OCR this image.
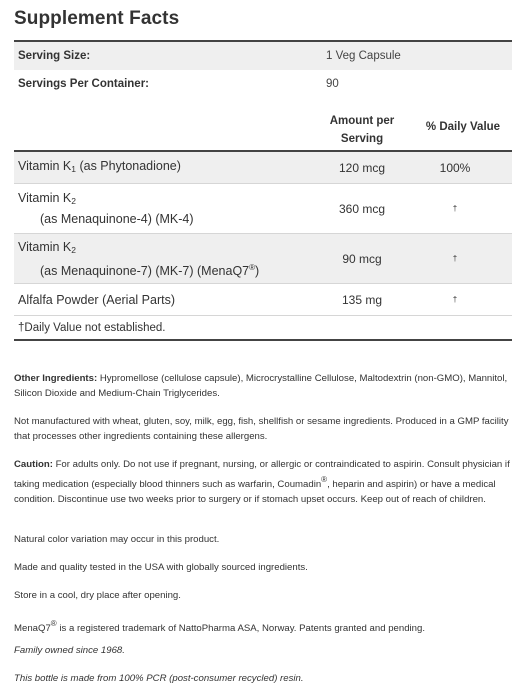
Supplement Facts
Serving Size:	1 Veg Capsule
Servings Per Container:	90
Amount per
Serving
% Daily Value
Vitamin $K_1$ (as Phytonadione)	120 mcg	100%
Vitamin $K_2$
(as Menaquinone-4) (MK-4)
360 mcg	†
Vitamin $K_2$
(as Menaquinone-7) (MK-7) (MenaQ7®)
90 mcg	†
Alfalfa Powder (Aerial Parts)	135 mg	†
†Daily Value not established.
Other Ingredients: Hypromellose (cellulose capsule), Microcrystalline Cellulose, Maltodextrin (non-GMO), Mannitol, Silicon Dioxide and Medium-Chain Triglycerides.
Not manufactured with wheat, gluten, soy, milk, egg, fish, shellfish or sesame ingredients. Produced in a GMP facility that processes other ingredients containing these allergens.
Caution: For adults only. Do not use if pregnant, nursing, or allergic or contraindicated to aspirin. Consult physician if taking medication (especially blood thinners such as warfarin, Coumadin®, heparin and aspirin) or have a medical condition. Discontinue use two weeks prior to surgery or if stomach upset occurs. Keep out of reach of children.
Natural color variation may occur in this product.
Made and quality tested in the USA with globally sourced ingredients.
Store in a cool, dry place after opening.
MenaQ7® is a registered trademark of NattoPharma ASA, Norway. Patents granted and pending.
Family owned since 1968.
This bottle is made from 100% PCR (post-consumer recycled) resin.
